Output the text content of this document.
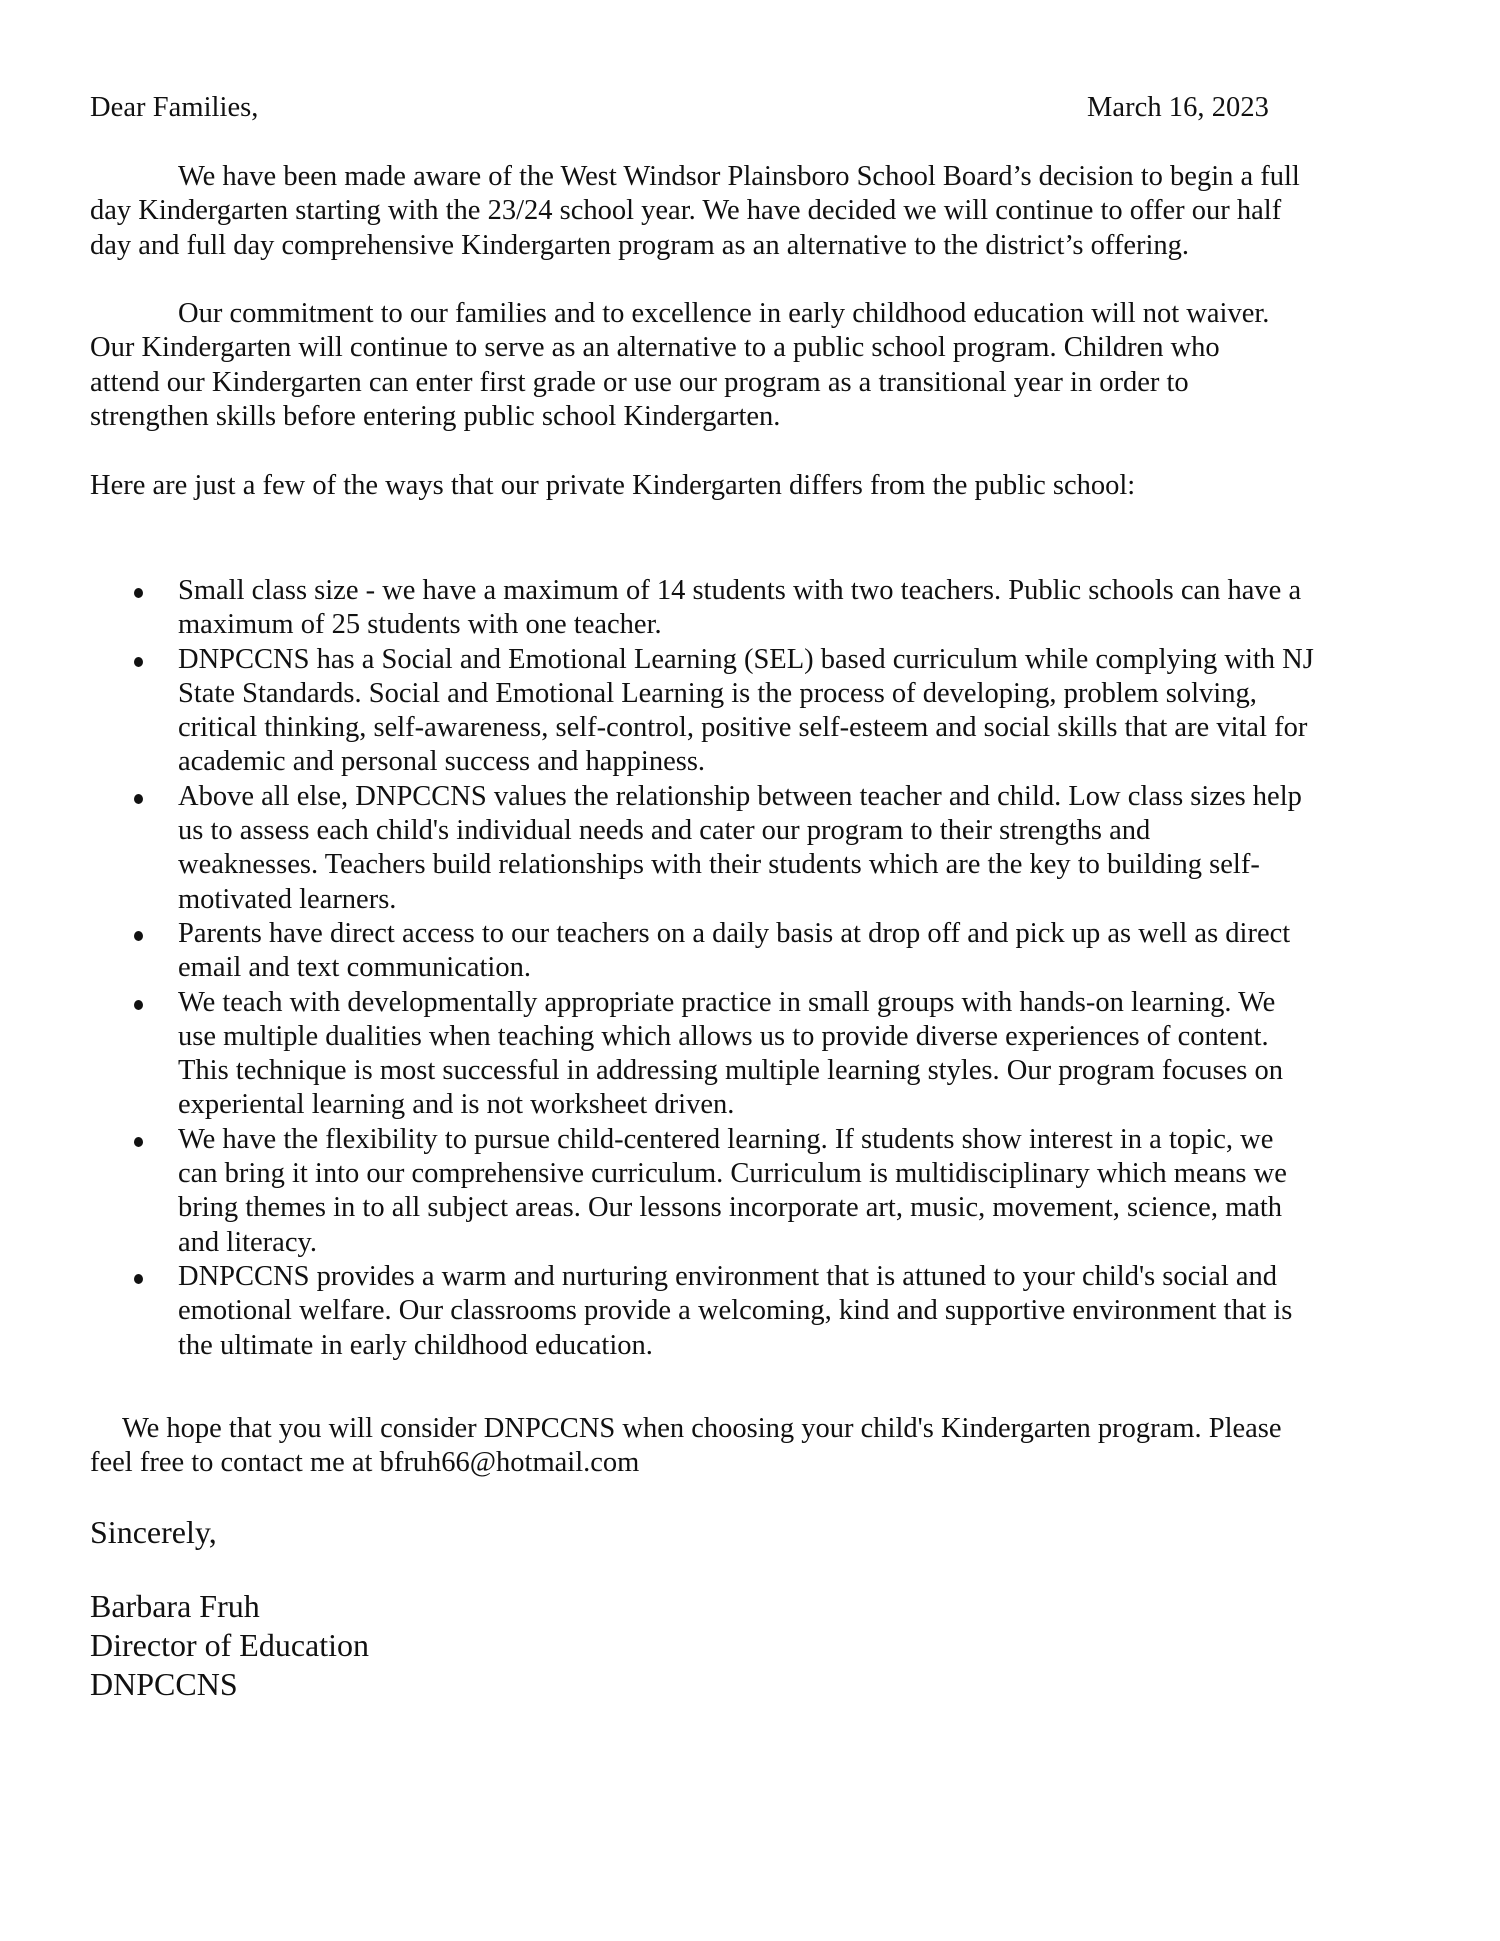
Dear Families,	March 16, 2023
We have been made aware of the West Windsor Plainsboro School Board’s decision to begin a full
day Kindergarten starting with the 23/24 school year. We have decided we will continue to offer our half
day and full day comprehensive Kindergarten program as an alternative to the district’s offering.
Our commitment to our families and to excellence in early childhood education will not waiver.
Our Kindergarten will continue to serve as an alternative to a public school program. Children who
attend our Kindergarten can enter first grade or use our program as a transitional year in order to
strengthen skills before entering public school Kindergarten.
Here are just a few of the ways that our private Kindergarten differs from the public school:
Small class size - we have a maximum of 14 students with two teachers. Public schools can have a
maximum of 25 students with one teacher.
DNPCCNS has a Social and Emotional Learning (SEL) based curriculum while complying with NJ
State Standards. Social and Emotional Learning is the process of developing, problem solving,
critical thinking, self-awareness, self-control, positive self-esteem and social skills that are vital for
academic and personal success and happiness.
Above all else, DNPCCNS values the relationship between teacher and child. Low class sizes help
us to assess each child's individual needs and cater our program to their strengths and
weaknesses. Teachers build relationships with their students which are the key to building self-
motivated learners.
Parents have direct access to our teachers on a daily basis at drop off and pick up as well as direct
email and text communication.
We teach with developmentally appropriate practice in small groups with hands-on learning. We
use multiple dualities when teaching which allows us to provide diverse experiences of content.
This technique is most successful in addressing multiple learning styles. Our program focuses on
experiental learning and is not worksheet driven.
We have the flexibility to pursue child-centered learning. If students show interest in a topic, we
can bring it into our comprehensive curriculum. Curriculum is multidisciplinary which means we
bring themes in to all subject areas. Our lessons incorporate art, music, movement, science, math
and literacy.
DNPCCNS provides a warm and nurturing environment that is attuned to your child's social and
emotional welfare. Our classrooms provide a welcoming, kind and supportive environment that is
the ultimate in early childhood education.
We hope that you will consider DNPCCNS when choosing your child's Kindergarten program. Please
feel free to contact me at bfruh66@hotmail.com
Sincerely,
Barbara Fruh
Director of Education
DNPCCNS
